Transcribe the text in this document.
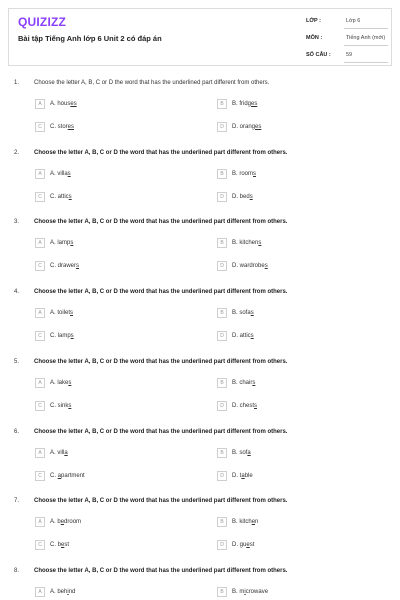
QUIZIZZ
Bài tập Tiếng Anh lớp 6 Unit 2 có đáp án
LỚP :	Lớp 6
MÔN :	Tiếng Anh (mới)
SỐ CÂU :	59
1. Choose the letter A, B, C or D the word that has the underlined part different from others.
A	A. houses	B	B. fridges
C	C. stores	D	D. oranges
2. Choose the letter A, B, C or D the word that has the underlined part different from others.
A	A. villas	B	B. rooms
C	C. attics	D	D. beds
3. Choose the letter A, B, C or D the word that has the underlined part different from others.
A	A. lamps	B	B. kitchens
C	C. drawers	D	D. wardrobes
4. Choose the letter A, B, C or D the word that has the underlined part different from others.
A	A. toilets	B	B. sofas
C	C. lamps	D	D. attics
5. Choose the letter A, B, C or D the word that has the underlined part different from others.
A	A. lakes	B	B. chairs
C	C. sinks	D	D. chests
6. Choose the letter A, B, C or D the word that has the underlined part different from others.
A	A. villa	B	B. sofa
C	C. apartment	D	D. table
7. Choose the letter A, B, C or D the word that has the underlined part different from others.
A	A. bedroom	B	B. kitchen
C	C. best	D	D. guest
8. Choose the letter A, B, C or D the word that has the underlined part different from others.
A	A. behind	B	B. microwave
